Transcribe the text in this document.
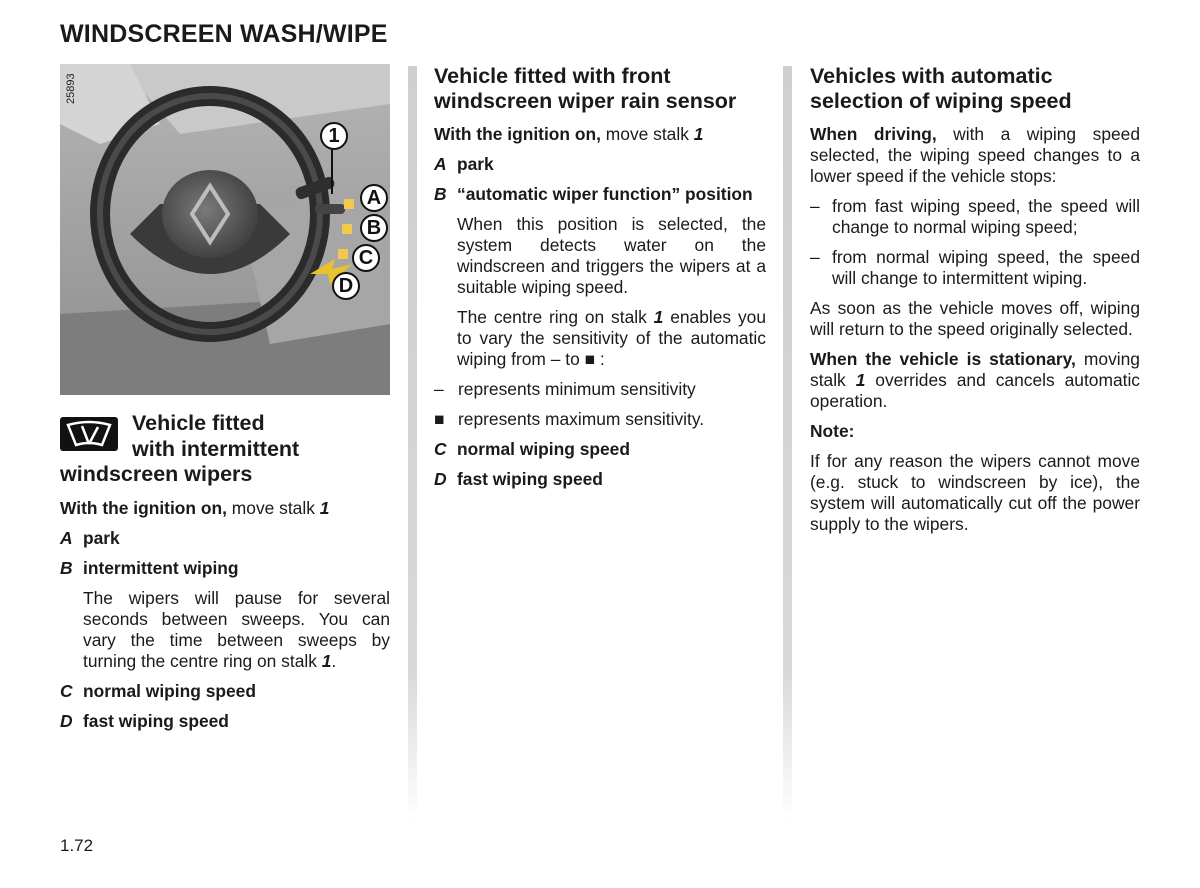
WINDSCREEN WASH/WIPE
25893
1
A
B
C
D
Vehicle fitted
with intermittent
windscreen wipers

With the ignition on, move stalk 1

A park
B intermittent wiping

The wipers will pause for several seconds between sweeps. You can vary the time between sweeps by turning the centre ring on stalk 1.

C normal wiping speed
D fast wiping speed
Vehicle fitted with front windscreen wiper rain sensor

With the ignition on, move stalk 1

A park
B “automatic wiper function” position

When this position is selected, the system detects water on the windscreen and triggers the wipers at a suitable wiping speed.

The centre ring on stalk 1 enables you to vary the sensitivity of the automatic wiping from – to ■ :

– represents minimum sensitivity
■ represents maximum sensitivity.
C normal wiping speed
D fast wiping speed
Vehicles with automatic selection of wiping speed

When driving, with a wiping speed selected, the wiping speed changes to a lower speed if the vehicle stops:

– from fast wiping speed, the speed will change to normal wiping speed;
– from normal wiping speed, the speed will change to intermittent wiping.

As soon as the vehicle moves off, wiping will return to the speed originally selected.

When the vehicle is stationary, moving stalk 1 overrides and cancels automatic operation.

Note:

If for any reason the wipers cannot move (e.g. stuck to windscreen by ice), the system will automatically cut off the power supply to the wipers.

1.72
